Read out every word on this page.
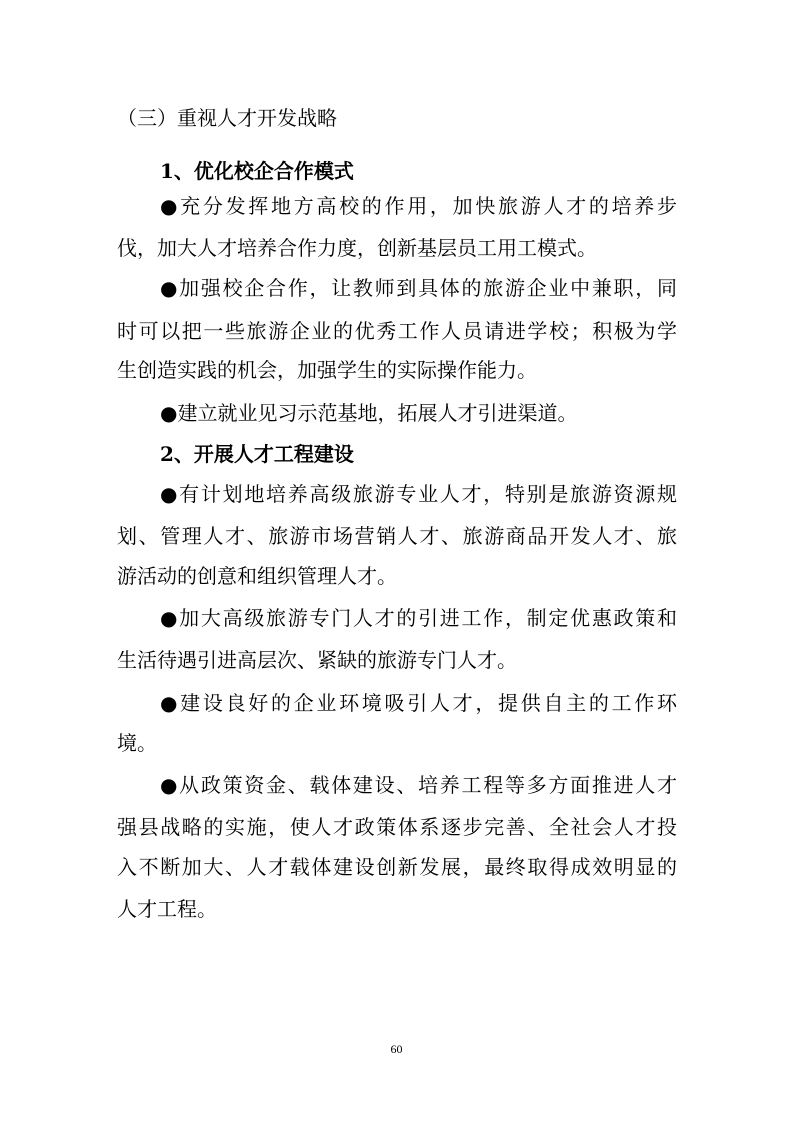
（三）重视人才开发战略
1、优化校企合作模式
●充分发挥地方高校的作用，加快旅游人才的培养步
伐，加大人才培养合作力度，创新基层员工用工模式。
●加强校企合作，让教师到具体的旅游企业中兼职，同
时可以把一些旅游企业的优秀工作人员请进学校；积极为学
生创造实践的机会，加强学生的实际操作能力。
●建立就业见习示范基地，拓展人才引进渠道。
2、开展人才工程建设
●有计划地培养高级旅游专业人才，特别是旅游资源规
划、管理人才、旅游市场营销人才、旅游商品开发人才、旅
游活动的创意和组织管理人才。
●加大高级旅游专门人才的引进工作，制定优惠政策和
生活待遇引进高层次、紧缺的旅游专门人才。
●建设良好的企业环境吸引人才，提供自主的工作环
境。
●从政策资金、载体建设、培养工程等多方面推进人才
强县战略的实施，使人才政策体系逐步完善、全社会人才投
入不断加大、人才载体建设创新发展，最终取得成效明显的
人才工程。
60
